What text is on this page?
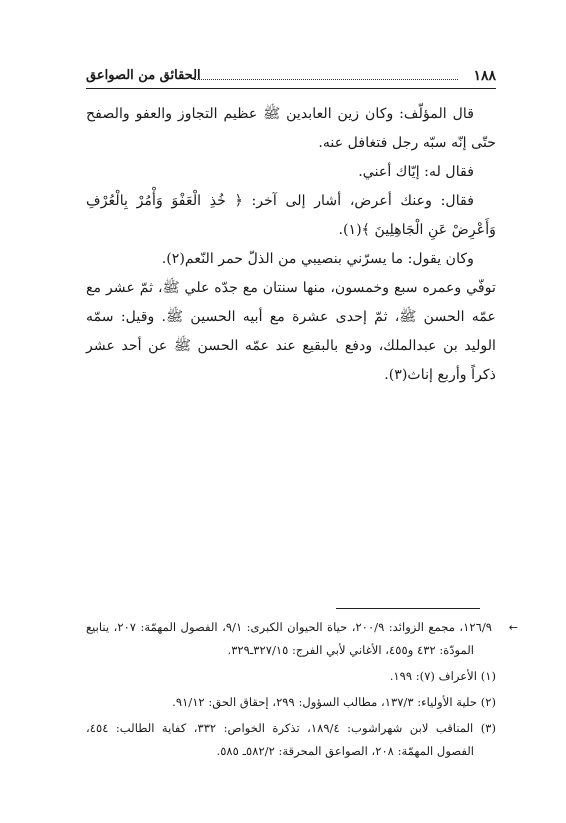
١٨٨
الحقائق من الصواعق

قال المؤلّف: وكان زين العابدين ﷺ عظيم التجاوز والعفو والصفح حتّى إنّه سبّه رجل فتغافل عنه.

فقال له: إيّاك أعني.

فقال: وعنك أعرض، أشار إلى آخر: ﴿ خُذِ الْعَفْوَ وَأْمُرْ بِالْعُرْفِ وَأَعْرِضْ عَنِ الْجَاهِلِينَ ﴾(١).

وكان يقول: ما يسرّني بنصيبي من الذلّ حمر النّعم(٢).

توفّي وعمره سبع وخمسون، منها سنتان مع جدّه علي ﷺ، ثمّ عشر مع عمّه الحسن ﷺ، ثمّ إحدى عشرة مع أبيه الحسين ﷺ. وقيل: سمّه الوليد بن عبدالملك، ودفع بالبقيع عند عمّه الحسن ﷺ عن أحد عشر ذكراً وأربع إناث(٣).

←١٢٦/٩، مجمع الزوائد: ٢٠٠/٩، حياة الحيوان الكبرى: ٩/١، الفصول المهمّة: ٢٠٧، ينابيع المودّة: ٤٣٢ و٤٥٥، الأغاني لأبي الفرج: ٣٢٧/١٥ـ٣٢٩.

(١) الأعراف (٧): ١٩٩.

(٢) حلية الأولياء: ١٣٧/٣، مطالب السؤول: ٢٩٩، إحقاق الحق: ٩١/١٢.

(٣) المناقب لابن شهراشوب: ١٨٩/٤، تذكرة الخواص: ٣٣٢، كفاية الطالب: ٤٥٤، الفصول المهمّة: ٢٠٨، الصواعق المحرقة: ٥٨٢/٢ـ ٥٨٥.
